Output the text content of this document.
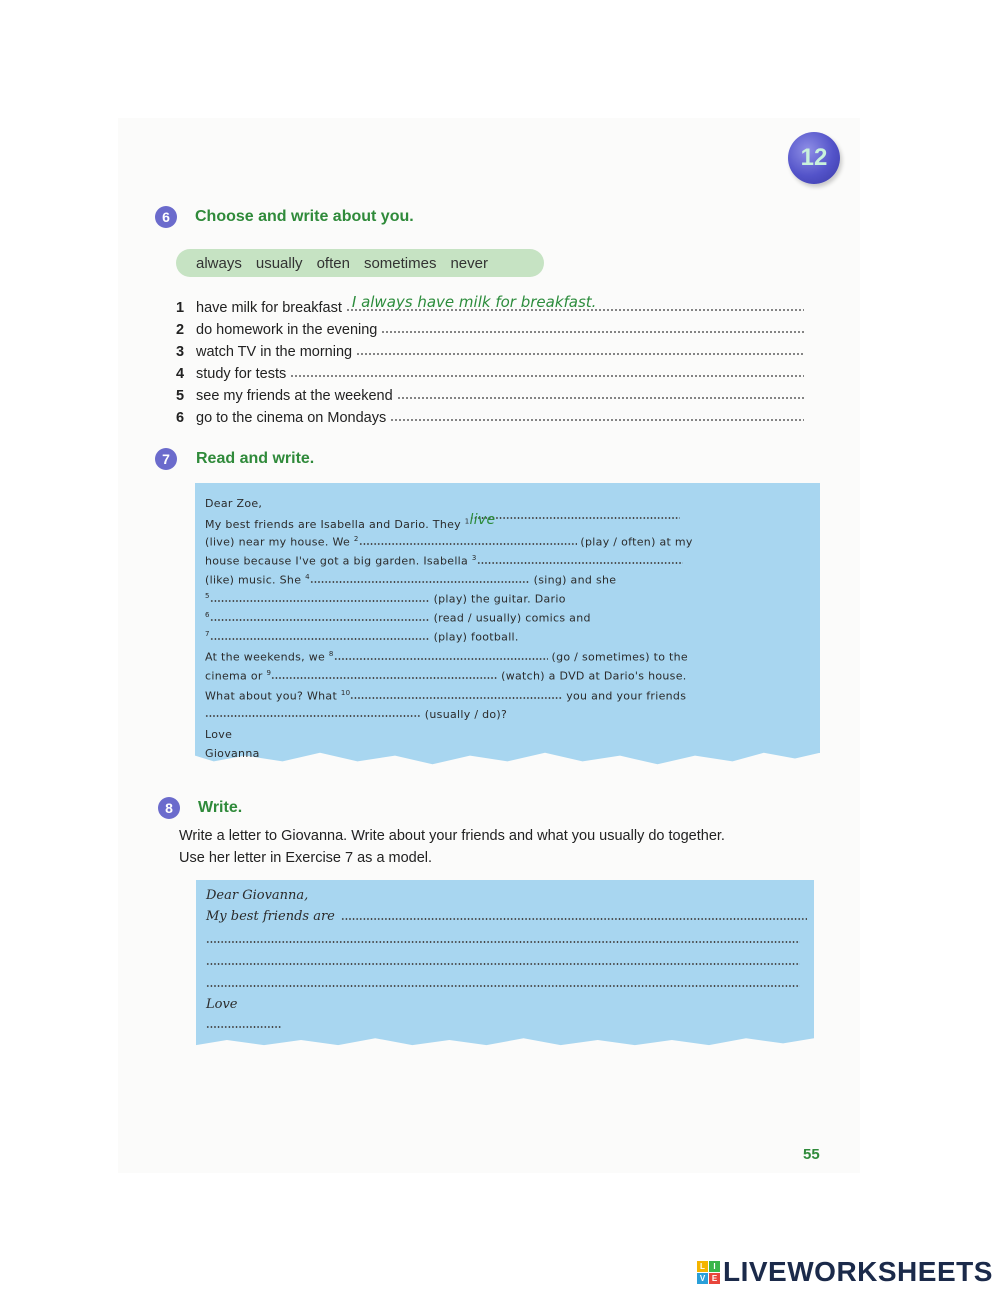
12
6	Choose and write about you.
always usually often sometimes never
1 have milk for breakfast I always have milk for breakfast.
2 do homework in the evening
3 watch TV in the morning
4 study for tests
5 see my friends at the weekend
6 go to the cinema on Mondays
7	Read and write.
Dear Zoe,
My best friends are Isabella and Dario. They $^1$live
(live) near my house. We $^2$	(play / often) at my
house because I've got a big garden. Isabella $^3$
(like) music. She $^4$	(sing) and she
$^5$	(play) the guitar. Dario
$^6$	(read / usually) comics and
$^7$	(play) football.
At the weekends, we $^8$	(go / sometimes) to the
cinema or $^9$	(watch) a DVD at Dario's house.
What about you? What $^{10}$	you and your friends
(usually / do)?
Love
Giovanna
8	Write.
Write a letter to Giovanna. Write about your friends and what you usually do together.
Use her letter in Exercise 7 as a model.
Dear Giovanna,
My best friends are
Love
55
L	I
V E LIVEWORKSHEETS
